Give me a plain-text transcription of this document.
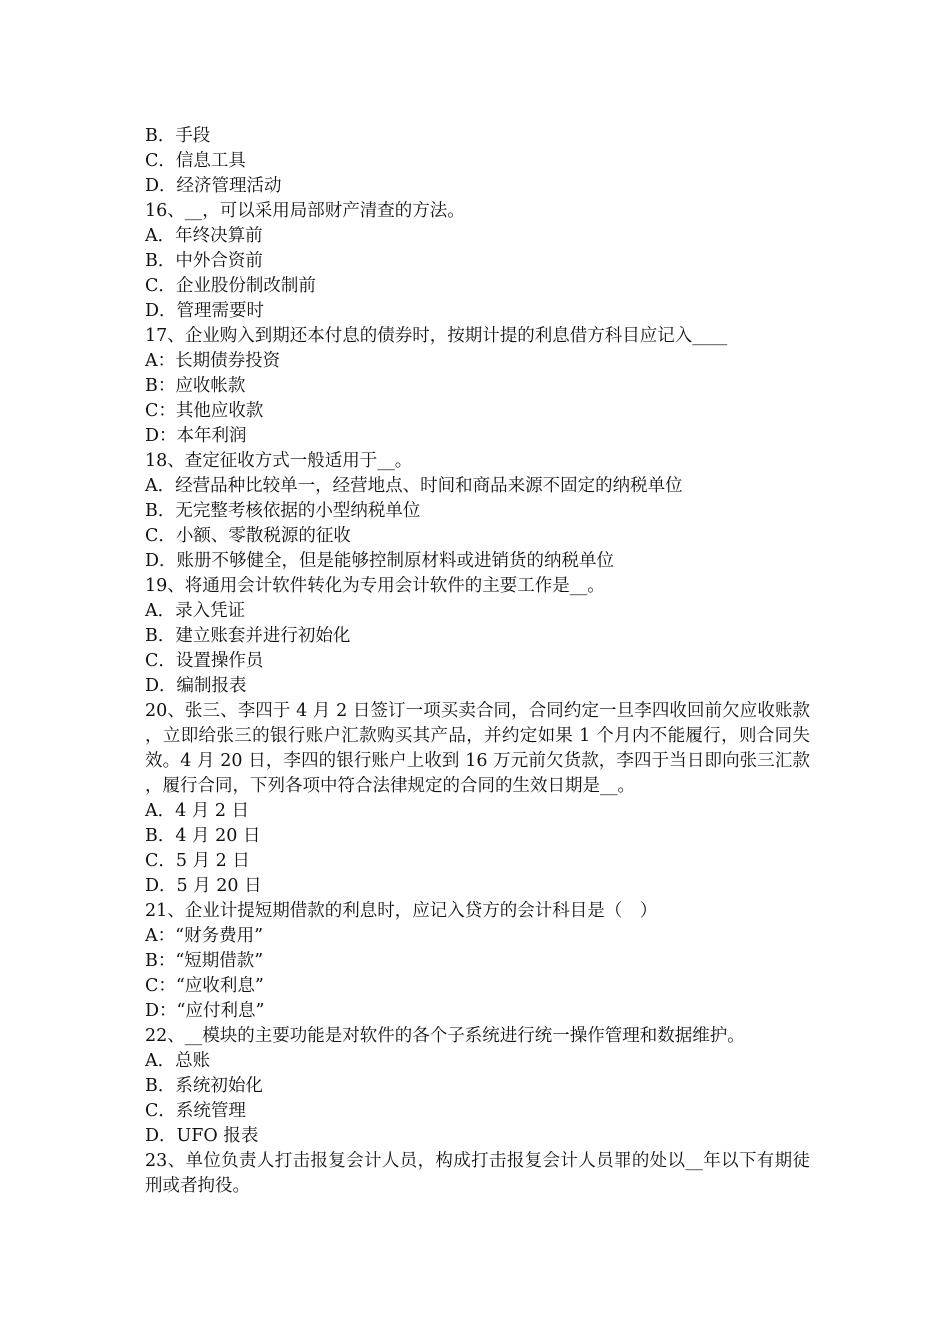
B．手段
C．信息工具
D．经济管理活动
16、__，可以采用局部财产清查的方法。
A．年终决算前
B．中外合资前
C．企业股份制改制前
D．管理需要时
17、企业购入到期还本付息的债券时，按期计提的利息借方科目应记入____
A：长期债券投资
B：应收帐款
C：其他应收款
D：本年利润
18、查定征收方式一般适用于__。
A．经营品种比较单一，经营地点、时间和商品来源不固定的纳税单位
B．无完整考核依据的小型纳税单位
C．小额、零散税源的征收
D．账册不够健全，但是能够控制原材料或进销货的纳税单位
19、将通用会计软件转化为专用会计软件的主要工作是__。
A．录入凭证
B．建立账套并进行初始化
C．设置操作员
D．编制报表
20、张三、李四于 4 月 2 日签订一项买卖合同，合同约定一旦李四收回前欠应收账款，立即给张三的银行账户汇款购买其产品，并约定如果 1 个月内不能履行，则合同失效。4 月 20 日，李四的银行账户上收到 16 万元前欠货款，李四于当日即向张三汇款，履行合同，下列各项中符合法律规定的合同的生效日期是__。
A．4 月 2 日
B．4 月 20 日
C．5 月 2 日
D．5 月 20 日
21、企业计提短期借款的利息时，应记入贷方的会计科目是（　）
A：“财务费用”
B：“短期借款”
C：“应收利息”
D：“应付利息”
22、__模块的主要功能是对软件的各个子系统进行统一操作管理和数据维护。
A．总账
B．系统初始化
C．系统管理
D．UFO 报表
23、单位负责人打击报复会计人员，构成打击报复会计人员罪的处以__年以下有期徒刑或者拘役。
